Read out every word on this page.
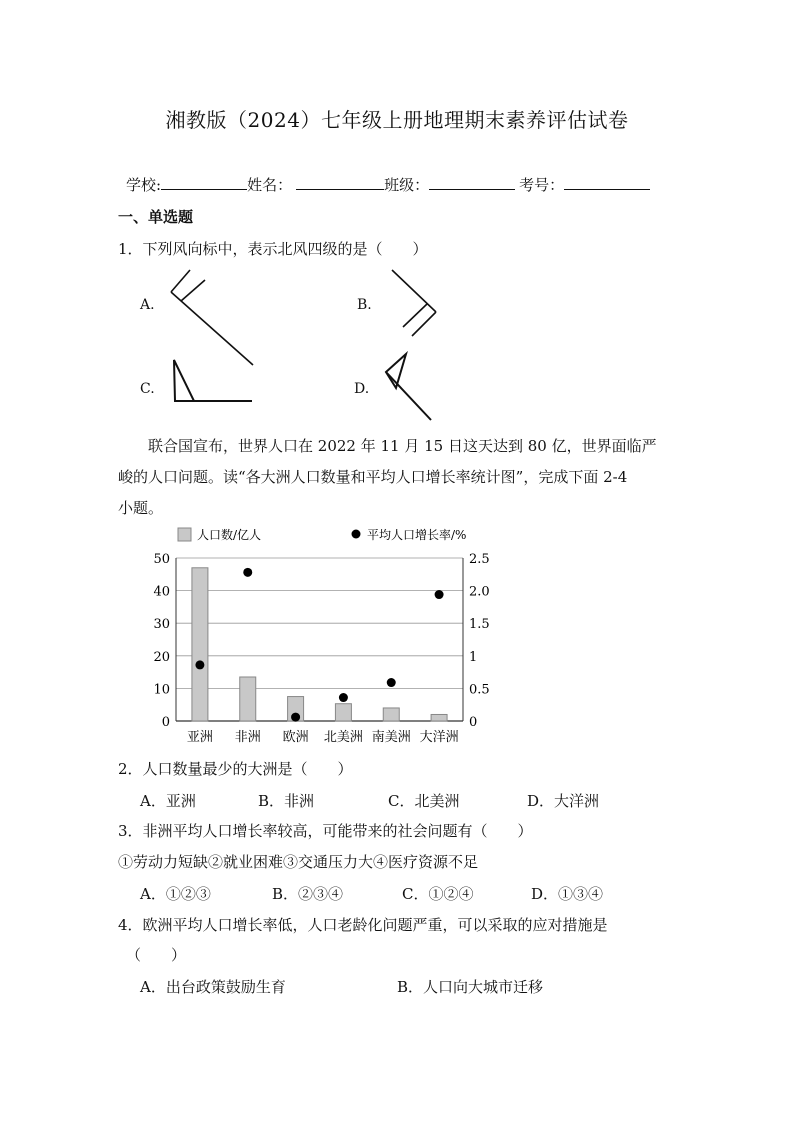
湘教版（2024）七年级上册地理期末素养评估试卷
学校:	姓名：	班级：	考号：
一、单选题
1．下列风向标中，表示北风四级的是（　　）
A.	B.
C.	D.
联合国宣布，世界人口在 2022 年 11 月 15 日这天达到 80 亿，世界面临严
峻的人口问题。读“各大洲人口数量和平均人口增长率统计图”，完成下面 2-4
小题。
50
40
30
20
10
0
2.5
2.0
1.5
1
0.5
0
亚洲 非洲 欧洲 北美洲 南美洲 大洋洲
人口数/亿人	平均人口增长率/%
2．人口数量最少的大洲是（　　）
A．亚洲	B．非洲	C．北美洲	D．大洋洲
3．非洲平均人口增长率较高，可能带来的社会问题有（　　）
①劳动力短缺②就业困难③交通压力大④医疗资源不足
A．①②③	B．②③④	C．①②④	D．①③④
4．欧洲平均人口增长率低，人口老龄化问题严重，可以采取的应对措施是
（　　）
A．出台政策鼓励生育	B．人口向大城市迁移
